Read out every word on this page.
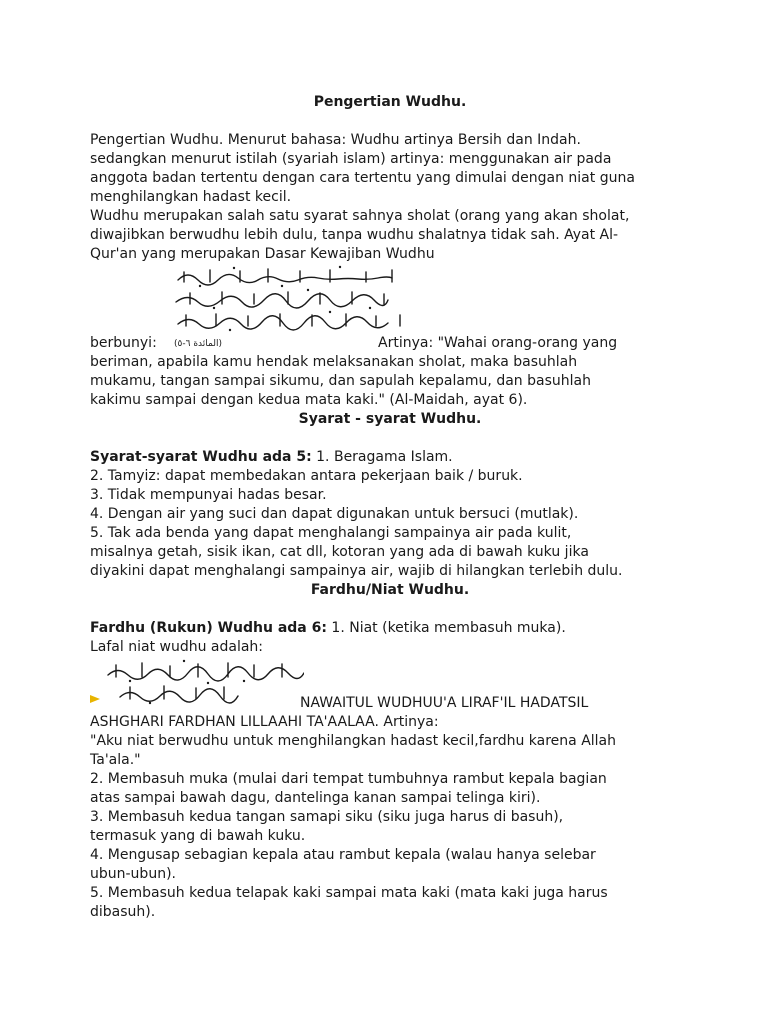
Pengertian Wudhu.
Pengertian Wudhu. Menurut bahasa: Wudhu artinya Bersih dan Indah.
sedangkan menurut istilah (syariah islam) artinya: menggunakan air pada
anggota badan tertentu dengan cara tertentu yang dimulai dengan niat guna
menghilangkan hadast kecil.
Wudhu merupakan salah satu syarat sahnya sholat (orang yang akan sholat,
diwajibkan berwudhu lebih dulu, tanpa wudhu shalatnya tidak sah. Ayat Al-
Qur'an yang merupakan Dasar Kewajiban Wudhu
berbunyi: (المائدة ٦-٥)	Artinya: "Wahai orang-orang yang
beriman, apabila kamu hendak melaksanakan sholat, maka basuhlah
mukamu, tangan sampai sikumu, dan sapulah kepalamu, dan basuhlah
kakimu sampai dengan kedua mata kaki." (Al-Maidah, ayat 6).
Syarat - syarat Wudhu.
Syarat-syarat Wudhu ada 5: 1. Beragama Islam.
2. Tamyiz: dapat membedakan antara pekerjaan baik / buruk.
3. Tidak mempunyai hadas besar.
4. Dengan air yang suci dan dapat digunakan untuk bersuci (mutlak).
5. Tak ada benda yang dapat menghalangi sampainya air pada kulit,
misalnya getah, sisik ikan, cat dll, kotoran yang ada di bawah kuku jika
diyakini dapat menghalangi sampainya air, wajib di hilangkan terlebih dulu.
Fardhu/Niat Wudhu.
Fardhu (Rukun) Wudhu ada 6: 1. Niat (ketika membasuh muka).
Lafal niat wudhu adalah:
NAWAITUL WUDHUU'A LIRAF'IL HADATSIL
ASHGHARI FARDHAN LILLAAHI TA'AALAA. Artinya:
"Aku niat berwudhu untuk menghilangkan hadast kecil,fardhu karena Allah
Ta'ala."
2. Membasuh muka (mulai dari tempat tumbuhnya rambut kepala bagian
atas sampai bawah dagu, dantelinga kanan sampai telinga kiri).
3. Membasuh kedua tangan samapi siku (siku juga harus di basuh),
termasuk yang di bawah kuku.
4. Mengusap sebagian kepala atau rambut kepala (walau hanya selebar
ubun-ubun).
5. Membasuh kedua telapak kaki sampai mata kaki (mata kaki juga harus
dibasuh).
